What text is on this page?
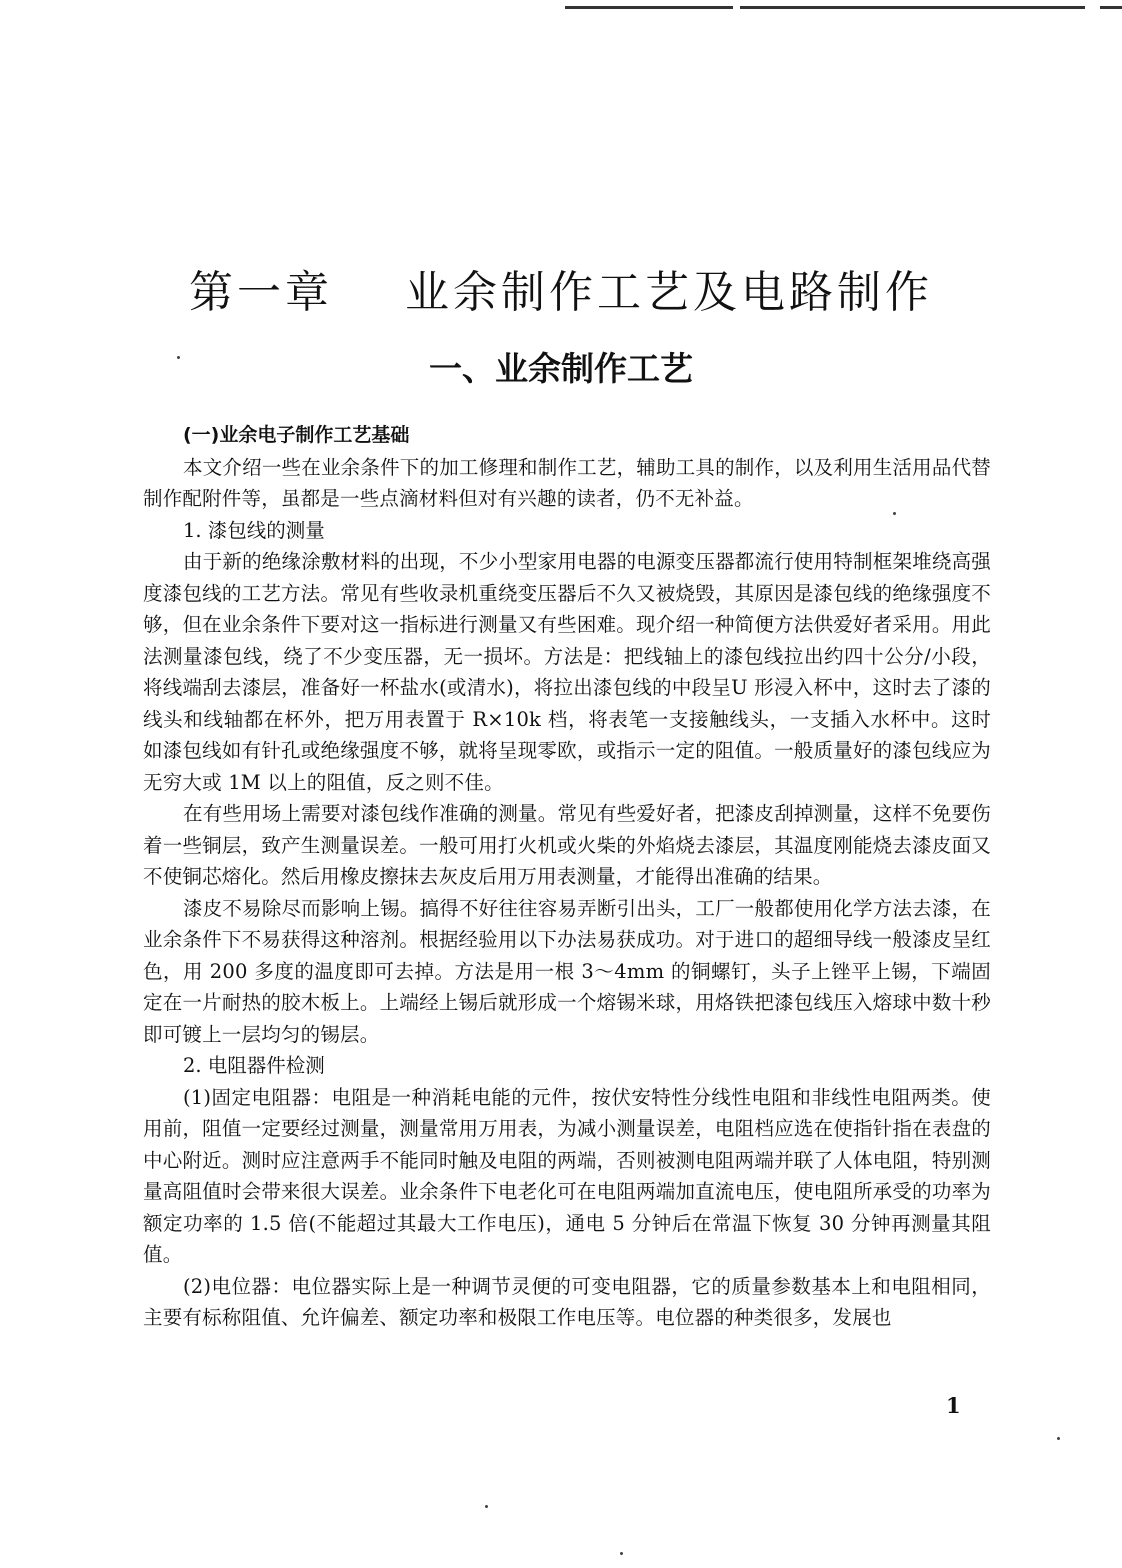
第一章    业余制作工艺及电路制作
一、业余制作工艺
(一)业余电子制作工艺基础

本文介绍一些在业余条件下的加工修理和制作工艺，辅助工具的制作，以及利用生活用品代替制作配附件等，虽都是一些点滴材料但对有兴趣的读者，仍不无补益。

1. 漆包线的测量

由于新的绝缘涂敷材料的出现，不少小型家用电器的电源变压器都流行使用特制框架堆绕高强度漆包线的工艺方法。常见有些收录机重绕变压器后不久又被烧毁，其原因是漆包线的绝缘强度不够，但在业余条件下要对这一指标进行测量又有些困难。现介绍一种简便方法供爱好者采用。用此法测量漆包线，绕了不少变压器，无一损坏。方法是：把线轴上的漆包线拉出约四十公分/小段，将线端刮去漆层，准备好一杯盐水(或清水)，将拉出漆包线的中段呈U 形浸入杯中，这时去了漆的线头和线轴都在杯外，把万用表置于 R×10k 档，将表笔一支接触线头，一支插入水杯中。这时如漆包线如有针孔或绝缘强度不够，就将呈现零欧，或指示一定的阻值。一般质量好的漆包线应为无穷大或 1M 以上的阻值，反之则不佳。

在有些用场上需要对漆包线作准确的测量。常见有些爱好者，把漆皮刮掉测量，这样不免要伤着一些铜层，致产生测量误差。一般可用打火机或火柴的外焰烧去漆层，其温度刚能烧去漆皮面又不使铜芯熔化。然后用橡皮擦抹去灰皮后用万用表测量，才能得出准确的结果。

漆皮不易除尽而影响上锡。搞得不好往往容易弄断引出头，工厂一般都使用化学方法去漆，在业余条件下不易获得这种溶剂。根据经验用以下办法易获成功。对于进口的超细导线一般漆皮呈红色，用 200 多度的温度即可去掉。方法是用一根 3～4mm 的铜螺钉，头子上锉平上锡，下端固定在一片耐热的胶木板上。上端经上锡后就形成一个熔锡米球，用烙铁把漆包线压入熔球中数十秒即可镀上一层均匀的锡层。

2. 电阻器件检测

(1)固定电阻器：电阻是一种消耗电能的元件，按伏安特性分线性电阻和非线性电阻两类。使用前，阻值一定要经过测量，测量常用万用表，为减小测量误差，电阻档应选在使指针指在表盘的中心附近。测时应注意两手不能同时触及电阻的两端，否则被测电阻两端并联了人体电阻，特别测量高阻值时会带来很大误差。业余条件下电老化可在电阻两端加直流电压，使电阻所承受的功率为额定功率的 1.5 倍(不能超过其最大工作电压)，通电 5 分钟后在常温下恢复 30 分钟再测量其阻值。

(2)电位器：电位器实际上是一种调节灵便的可变电阻器，它的质量参数基本上和电阻相同，主要有标称阻值、允许偏差、额定功率和极限工作电压等。电位器的种类很多，发展也

1
